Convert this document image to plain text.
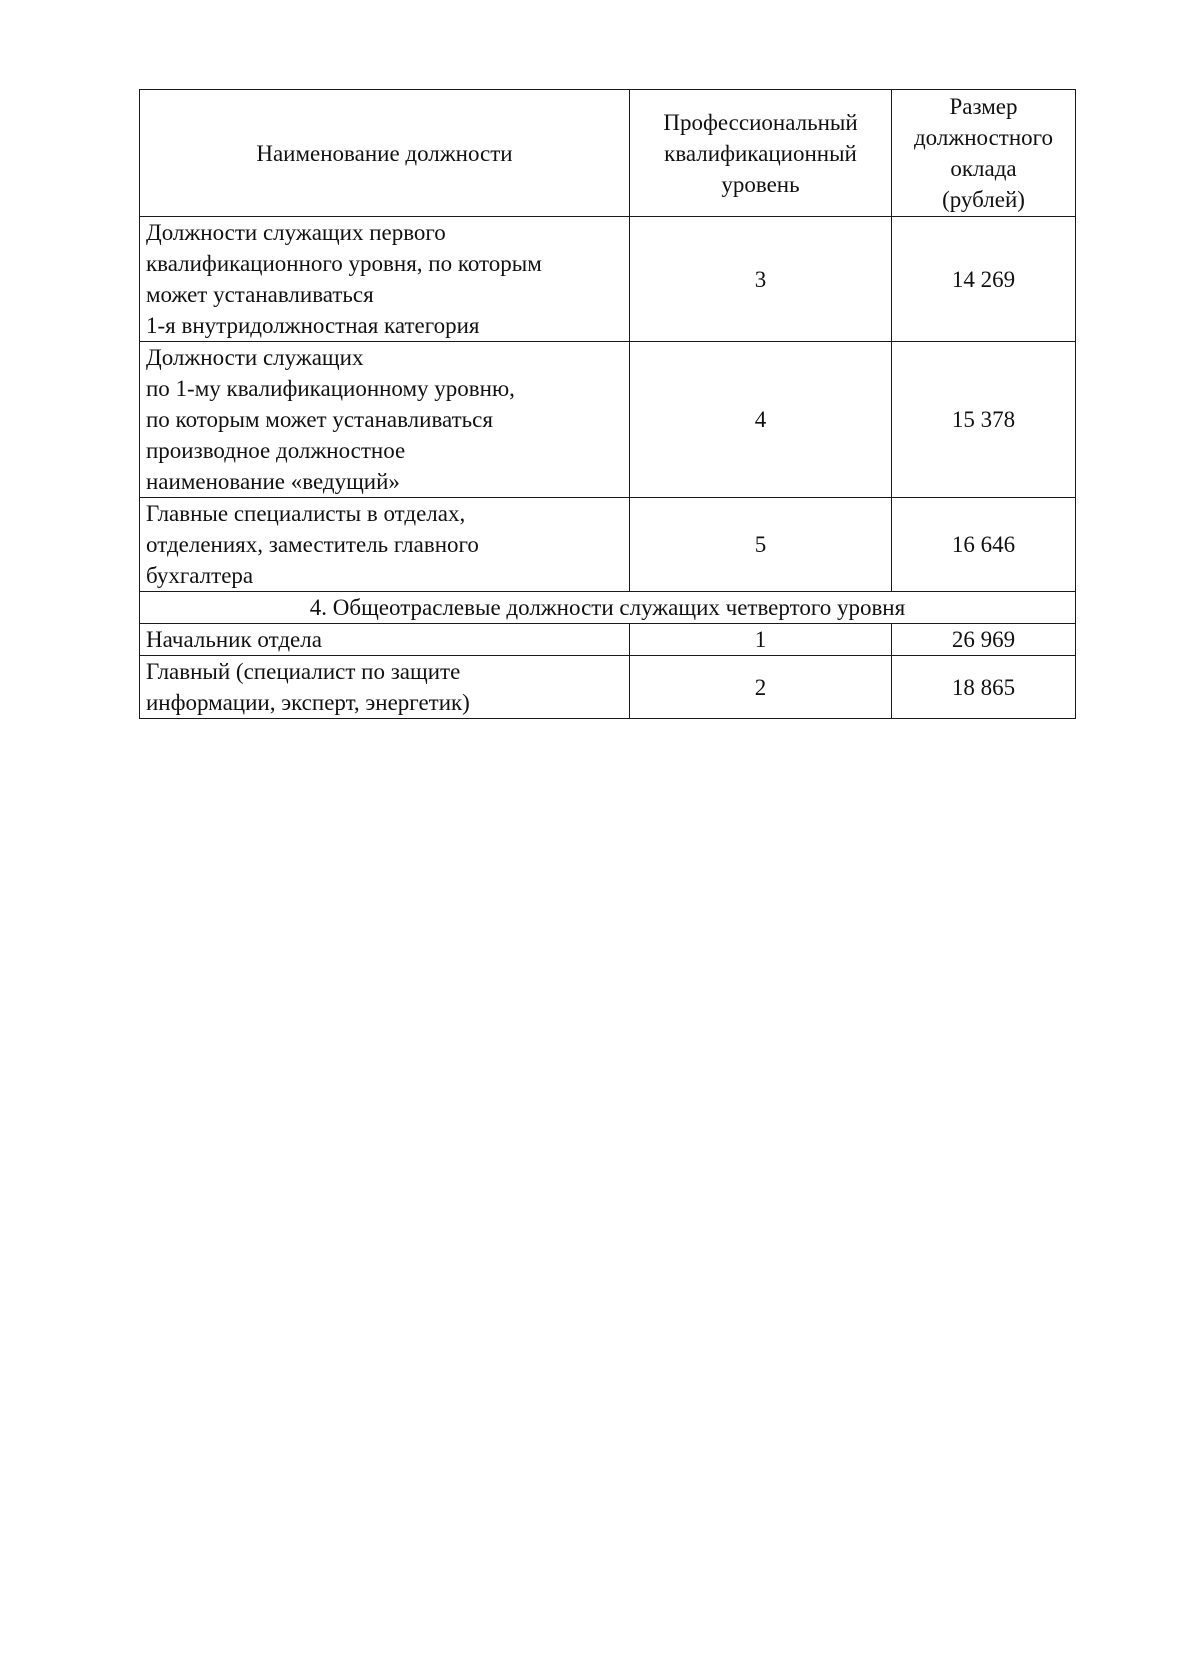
Наименование должности	Профессиональный
квалификационный
уровень	Размер
должностного
оклада
(рублей)

Должности служащих первого
квалификационного уровня, по которым
может устанавливаться
1-я внутридолжностная категория	3	14 269

Должности служащих
по 1-му квалификационному уровню,
по которым может устанавливаться
производное должностное
наименование «ведущий»	4	15 378

Главные специалисты в отделах,
отделениях, заместитель главного
бухгалтера	5	16 646
4. Общеотраслевые должности служащих четвертого уровня		

Начальник отдела	1	26 969

Главный (специалист по защите
информации, эксперт, энергетик)	2	18 865
